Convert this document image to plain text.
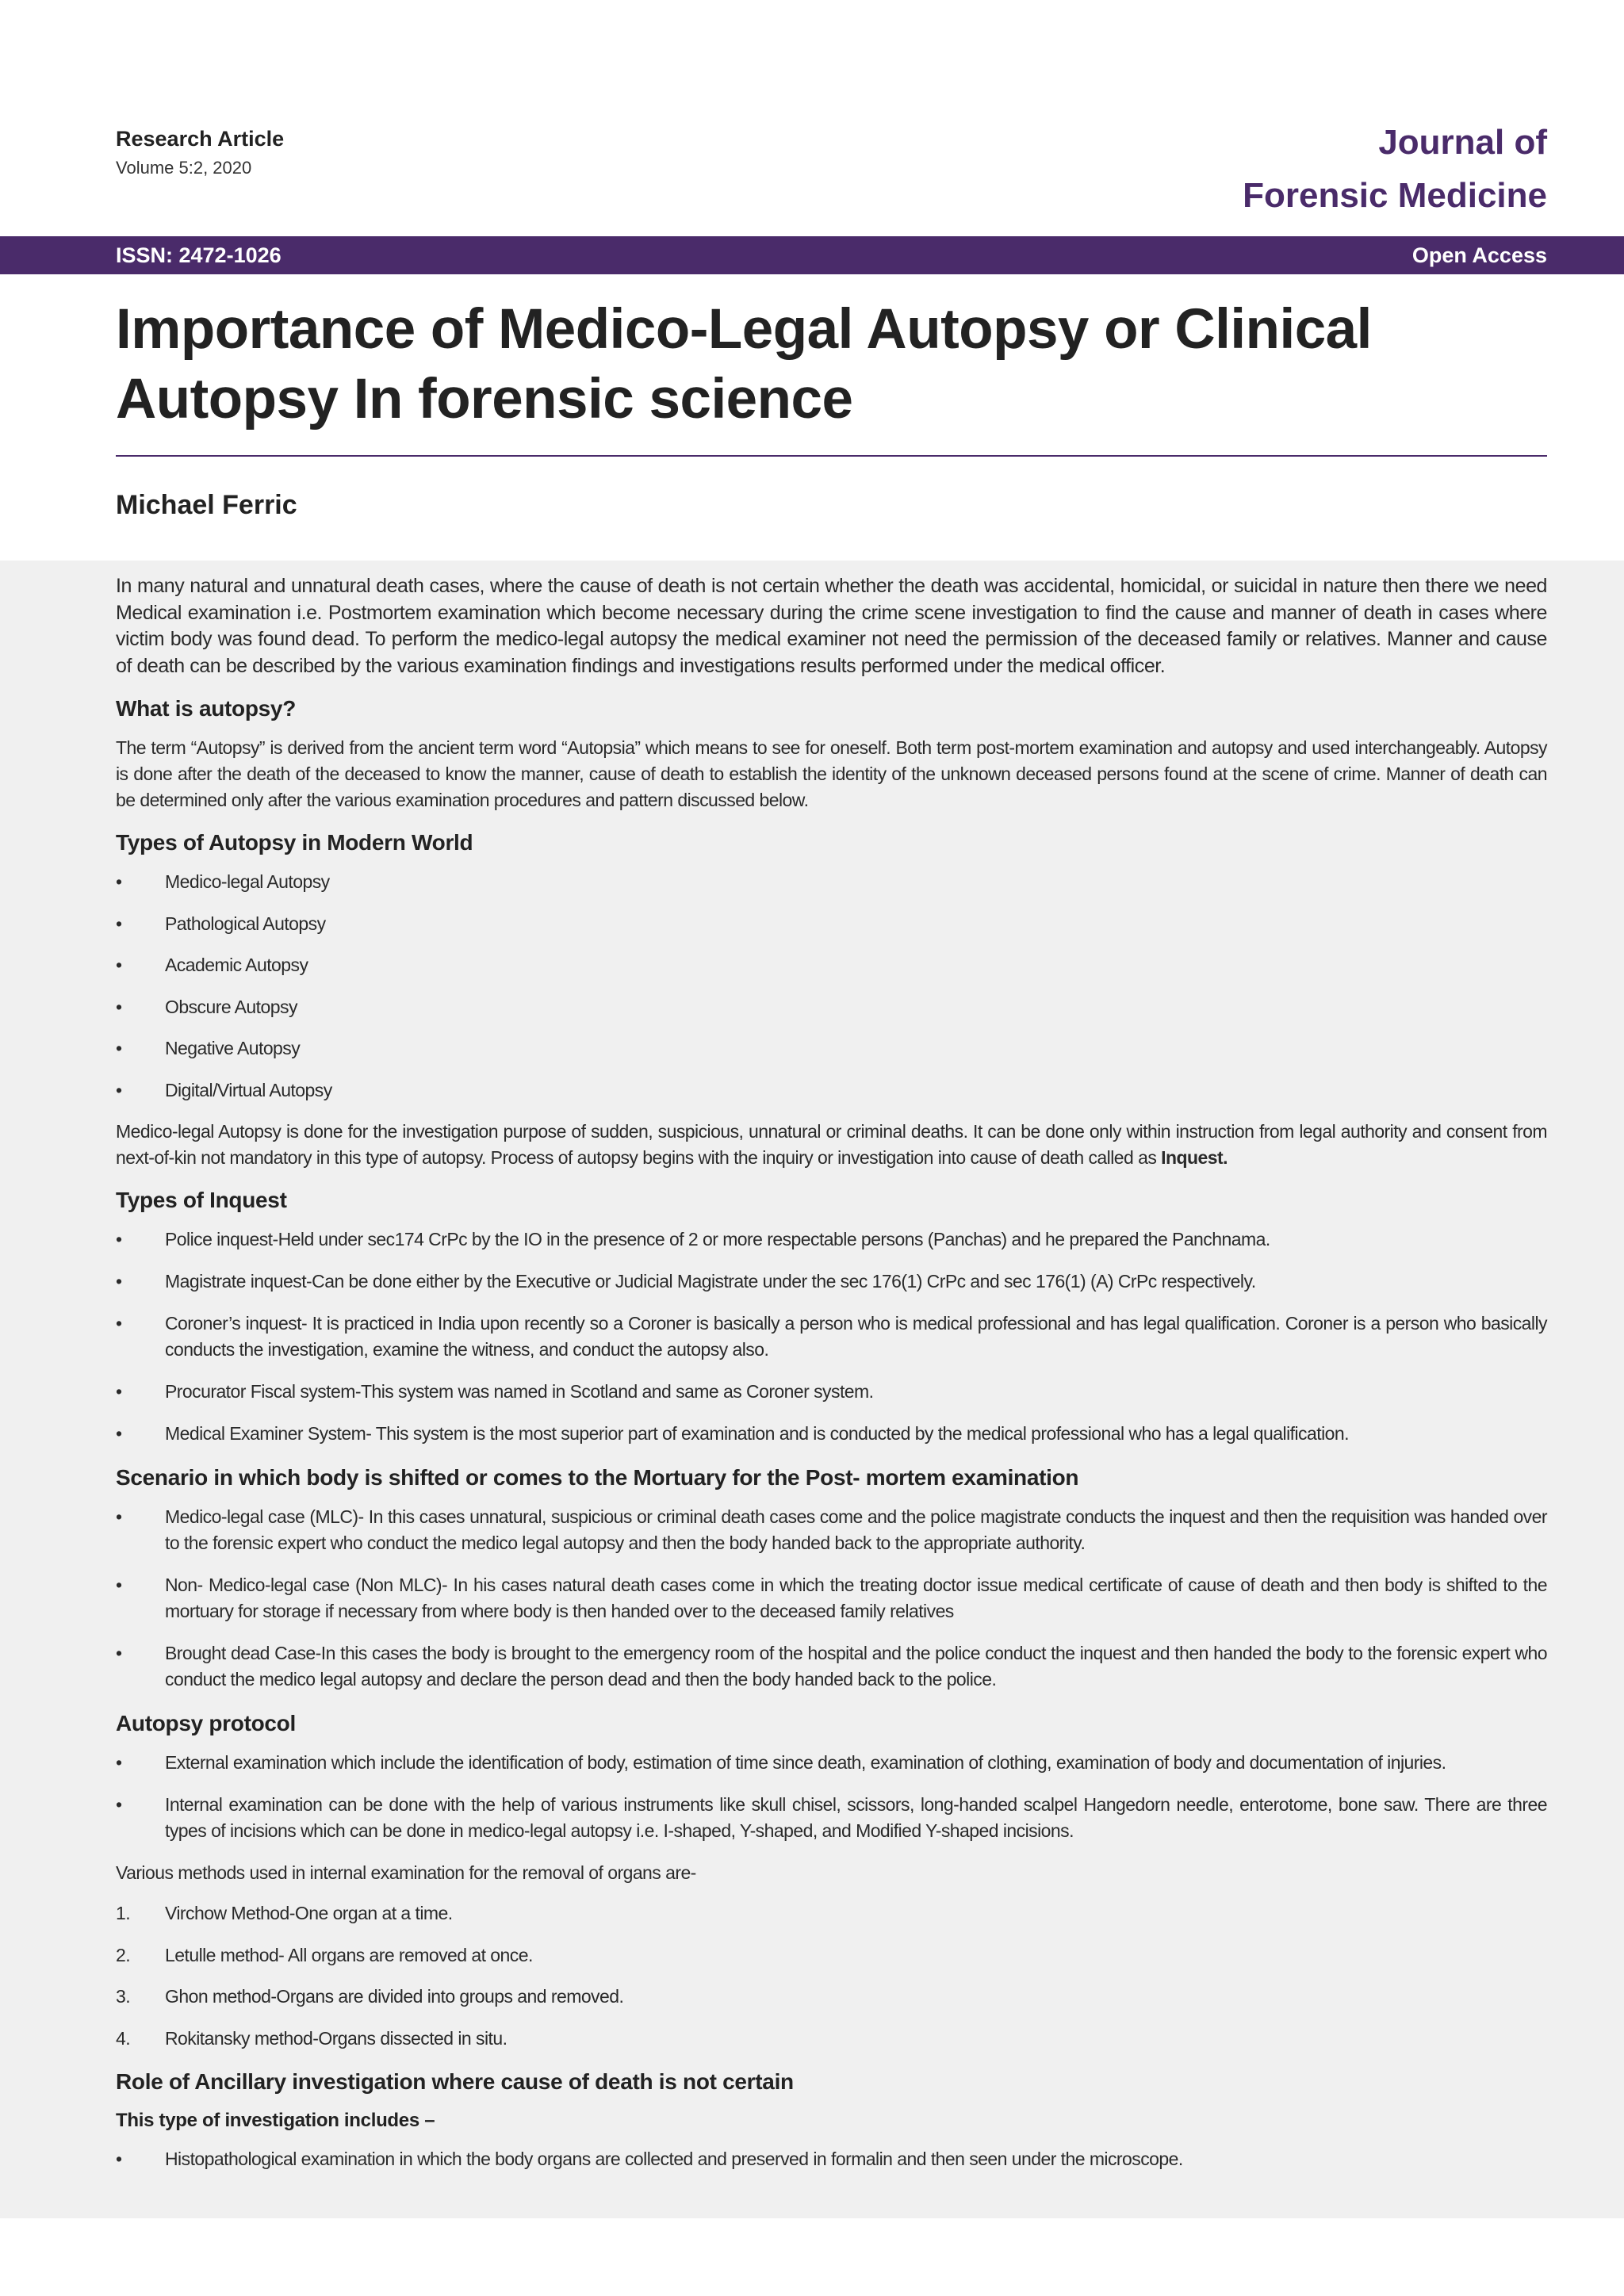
Research Article
Volume 5:2, 2020
Journal of
Forensic Medicine
ISSN: 2472-1026	Open Access
Importance of Medico-Legal Autopsy or Clinical Autopsy In forensic science
Michael Ferric

In many natural and unnatural death cases, where the cause of death is not certain whether the death was accidental, homicidal, or suicidal in nature then there we need Medical examination i.e. Postmortem examination which become necessary during the crime scene investigation to find the cause and manner of death in cases where victim body was found dead. To perform the medico-legal autopsy the medical examiner not need the permission of the deceased family or relatives. Manner and cause of death can be described by the various examination findings and investigations results performed under the medical officer.

What is autopsy?

The term “Autopsy” is derived from the ancient term word “Autopsia” which means to see for oneself. Both term post-mortem examination and autopsy and used interchangeably. Autopsy is done after the death of the deceased to know the manner, cause of death to establish the identity of the unknown deceased persons found at the scene of crime. Manner of death can be determined only after the various examination procedures and pattern discussed below.

Types of Autopsy in Modern World
•	Medico-legal Autopsy
•	Pathological Autopsy
•	Academic Autopsy
•	Obscure Autopsy
•	Negative Autopsy
•	Digital/Virtual Autopsy

Medico-legal Autopsy is done for the investigation purpose of sudden, suspicious, unnatural or criminal deaths. It can be done only within instruction from legal authority and consent from next-of-kin not mandatory in this type of autopsy. Process of autopsy begins with the inquiry or investigation into cause of death called as Inquest.

Types of Inquest
•	Police inquest-Held under sec174 CrPc by the IO in the presence of 2 or more respectable persons (Panchas) and he prepared the Panchnama.
•	Magistrate inquest-Can be done either by the Executive or Judicial Magistrate under the sec 176(1) CrPc and sec 176(1) (A) CrPc respectively.
•	Coroner’s inquest- It is practiced in India upon recently so a Coroner is basically a person who is medical professional and has legal qualification. Coroner is a person who basically conducts the investigation, examine the witness, and conduct the autopsy also.
•	Procurator Fiscal system-This system was named in Scotland and same as Coroner system.
•	Medical Examiner System- This system is the most superior part of examination and is conducted by the medical professional who has a legal qualification.
Scenario in which body is shifted or comes to the Mortuary for the Post- mortem examination
•	Medico-legal case (MLC)- In this cases unnatural, suspicious or criminal death cases come and the police magistrate conducts the inquest and then the requisition was handed over to the forensic expert who conduct the medico legal autopsy and then the body handed back to the appropriate authority.
•	Non- Medico-legal case (Non MLC)- In his cases natural death cases come in which the treating doctor issue medical certificate of cause of death and then body is shifted to the mortuary for storage if necessary from where body is then handed over to the deceased family relatives
•	Brought dead Case-In this cases the body is brought to the emergency room of the hospital and the police conduct the inquest and then handed the body to the forensic expert who conduct the medico legal autopsy and declare the person dead and then the body handed back to the police.
Autopsy protocol
•	External examination which include the identification of body, estimation of time since death, examination of clothing, examination of body and documentation of injuries.
•	Internal examination can be done with the help of various instruments like skull chisel, scissors, long-handed scalpel Hangedorn needle, enterotome, bone saw. There are three types of incisions which can be done in medico-legal autopsy i.e. I-shaped, Y-shaped, and Modified Y-shaped incisions.

Various methods used in internal examination for the removal of organs are-

1.	Virchow Method-One organ at a time.
2.	Letulle method- All organs are removed at once.
3.	Ghon method-Organs are divided into groups and removed.
4.	Rokitansky method-Organs dissected in situ.
Role of Ancillary investigation where cause of death is not certain
This type of investigation includes –
•	Histopathological examination in which the body organs are collected and preserved in formalin and then seen under the microscope.
